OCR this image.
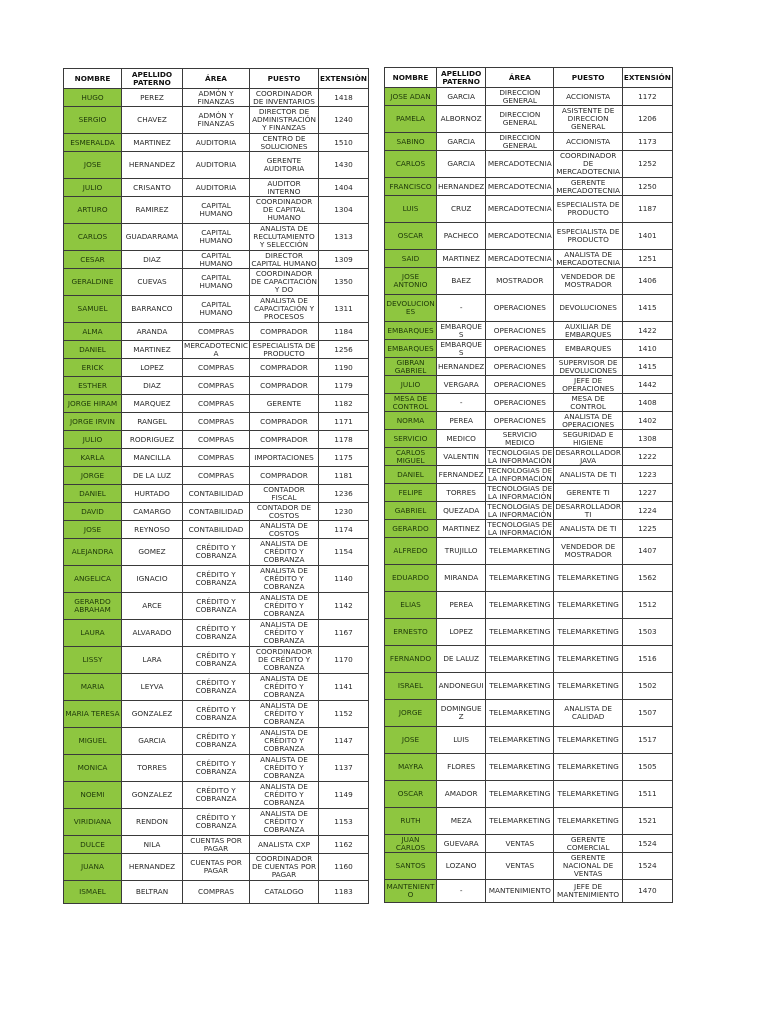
NOMBRE	APELLIDO PATERNO	ÁREA	PUESTO	EXTENSIÒN
HUGO	PEREZ	ADMÓN Y FINANZAS	COORDINADOR DE INVENTARIOS	1418
SERGIO	CHAVEZ	ADMÓN Y FINANZAS	DIRECTOR DE ADMINISTRACIÓN Y FINANZAS	1240
ESMERALDA	MARTINEZ	AUDITORIA	CENTRO DE SOLUCIONES	1510
JOSE	HERNANDEZ	AUDITORIA	GERENTE AUDITORIA	1430
JULIO	CRISANTO	AUDITORIA	AUDITOR INTERNO	1404
ARTURO	RAMIREZ	CAPITAL HUMANO	COORDINADOR DE CAPITAL HUMANO	1304
CARLOS	GUADARRAMA	CAPITAL HUMANO	ANALISTA DE RECLUTAMIENTO Y SELECCIÓN	1313
CESAR	DIAZ	CAPITAL HUMANO	DIRECTOR CAPITAL HUMANO	1309
GERALDINE	CUEVAS	CAPITAL HUMANO	COORDINADOR DE CAPACITACIÓN Y DO	1350
SAMUEL	BARRANCO	CAPITAL HUMANO	ANALISTA DE CAPACITACIÓN Y PROCESOS	1311
ALMA	ARANDA	COMPRAS	COMPRADOR	1184
DANIEL	MARTINEZ	MERCADOTECNIC A	ESPECIALISTA DE PRODUCTO	1256
ERICK	LOPEZ	COMPRAS	COMPRADOR	1190
ESTHER	DIAZ	COMPRAS	COMPRADOR	1179
JORGE HIRAM	MARQUEZ	COMPRAS	GERENTE	1182
JORGE IRVIN	RANGEL	COMPRAS	COMPRADOR	1171
JULIO	RODRIGUEZ	COMPRAS	COMPRADOR	1178
KARLA	MANCILLA	COMPRAS	IMPORTACIONES	1175
JORGE	DE LA LUZ	COMPRAS	COMPRADOR	1181
DANIEL	HURTADO	CONTABILIDAD	CONTADOR FISCAL	1236
DAVID	CAMARGO	CONTABILIDAD	CONTADOR DE COSTOS	1230
JOSE	REYNOSO	CONTABILIDAD	ANALISTA DE COSTOS	1174
ALEJANDRA	GOMEZ	CRÉDITO Y COBRANZA	ANALISTA DE CRÉDITO Y COBRANZA	1154
ANGELICA	IGNACIO	CRÉDITO Y COBRANZA	ANALISTA DE CRÉDITO Y COBRANZA	1140
GERARDO ABRAHAM	ARCE	CRÉDITO Y COBRANZA	ANALISTA DE CRÉDITO Y COBRANZA	1142
LAURA	ALVARADO	CRÉDITO Y COBRANZA	ANALISTA DE CRÉDITO Y COBRANZA	1167
LISSY	LARA	CRÉDITO Y COBRANZA	COORDINADOR DE CRÉDITO Y COBRANZA	1170
MARIA	LEYVA	CRÉDITO Y COBRANZA	ANALISTA DE CRÉDITO Y COBRANZA	1141
MARIA TERESA	GONZALEZ	CRÉDITO Y COBRANZA	ANALISTA DE CRÉDITO Y COBRANZA	1152
MIGUEL	GARCIA	CRÉDITO Y COBRANZA	ANALISTA DE CRÉDITO Y COBRANZA	1147
MONICA	TORRES	CRÉDITO Y COBRANZA	ANALISTA DE CRÉDITO Y COBRANZA	1137
NOEMI	GONZALEZ	CRÉDITO Y COBRANZA	ANALISTA DE CRÉDITO Y COBRANZA	1149
VIRIDIANA	RENDON	CRÉDITO Y COBRANZA	ANALISTA DE CRÉDITO Y COBRANZA	1153
DULCE	NILA	CUENTAS POR PAGAR	ANALISTA CXP	1162
JUANA	HERNANDEZ	CUENTAS POR PAGAR	COORDINADOR DE CUENTAS POR PAGAR	1160
ISMAEL	BELTRAN	COMPRAS	CATALOGO	1183
NOMBRE	APELLIDO PATERNO	ÁREA	PUESTO	EXTENSIÓN
JOSE ADAN	GARCIA	DIRECCION GENERAL	ACCIONISTA	1172
PAMELA	ALBORNOZ	DIRECCION GENERAL	ASISTENTE DE DIRECCION GENERAL	1206
SABINO	GARCIA	DIRECCION GENERAL	ACCIONISTA	1173
CARLOS	GARCIA	MERCADOTECNIA	COORDINADOR DE MERCADOTECNIA	1252
FRANCISCO	HERNANDEZ	MERCADOTECNIA	GERENTE MERCADOTECNIA	1250
LUIS	CRUZ	MERCADOTECNIA	ESPECIALISTA DE PRODUCTO	1187
OSCAR	PACHECO	MERCADOTECNIA	ESPECIALISTA DE PRODUCTO	1401
SAID	MARTINEZ	MERCADOTECNIA	ANALISTA DE MERCADOTECNIA	1251
JOSE ANTONIO	BAEZ	MOSTRADOR	VENDEDOR DE MOSTRADOR	1406
DEVOLUCION ES	-	OPERACIONES	DEVOLUCIONES	1415
EMBARQUES	EMBARQUE S	OPERACIONES	AUXILIAR DE EMBARQUES	1422
EMBARQUES	EMBARQUE S	OPERACIONES	EMBARQUES	1410
GIBRAN GABRIEL	HERNANDEZ	OPERACIONES	SUPERVISOR DE DEVOLUCIONES	1415
JULIO	VERGARA	OPERACIONES	JEFE DE OPERACIONES	1442
MESA DE CONTROL	-	OPERACIONES	MESA DE CONTROL	1408
NORMA	PEREA	OPERACIONES	ANALISTA DE OPERACIONES	1402
SERVICIO	MEDICO	SERVICIO MEDICO	SEGURIDAD E HIGIENE	1308
CARLOS MIGUEL	VALENTIN	TECNOLOGIAS DE LA INFORMACIÓN	DESARROLLADOR JAVA	1222
DANIEL	FERNANDEZ	TECNOLOGIAS DE LA INFORMACIÓN	ANALISTA DE TI	1223
FELIPE	TORRES	TECNOLOGIAS DE LA INFORMACIÓN	GERENTE TI	1227
GABRIEL	QUEZADA	TECNOLOGIAS DE LA INFORMACIÓN	DESARROLLADOR TI	1224
GERARDO	MARTINEZ	TECNOLOGIAS DE LA INFORMACIÓN	ANALISTA DE TI	1225
ALFREDO	TRUJILLO	TELEMARKETING	VENDEDOR DE MOSTRADOR	1407
EDUARDO	MIRANDA	TELEMARKETING	TELEMARKETING	1562
ELIAS	PEREA	TELEMARKETING	TELEMARKETING	1512
ERNESTO	LOPEZ	TELEMARKETING	TELEMARKETING	1503
FERNANDO	DE LALUZ	TELEMARKETING	TELEMARKETING	1516
ISRAEL	ANDONEGUI	TELEMARKETING	TELEMARKETING	1502
JORGE	DOMINGUE Z	TELEMARKETING	ANALISTA DE CALIDAD	1507
JOSE	LUIS	TELEMARKETING	TELEMARKETING	1517
MAYRA	FLORES	TELEMARKETING	TELEMARKETING	1505
OSCAR	AMADOR	TELEMARKETING	TELEMARKETING	1511
RUTH	MEZA	TELEMARKETING	TELEMARKETING	1521
JUAN CARLOS	GUEVARA	VENTAS	GERENTE COMERCIAL	1524
SANTOS	LOZANO	VENTAS	GERENTE NACIONAL DE VENTAS	1524
MANTENIENT O	-	MANTENIMIENTO	JEFE DE MANTENIMIENTO	1470
